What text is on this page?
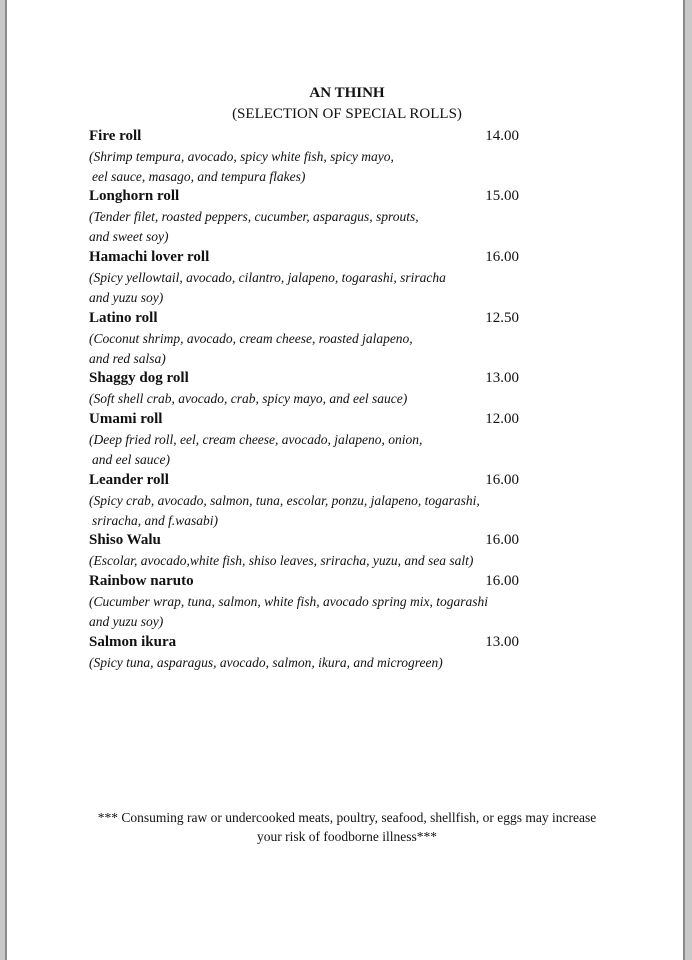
AN THINH
(SELECTION OF SPECIAL ROLLS)
Fire roll	14.00
(Shrimp tempura, avocado, spicy white fish, spicy mayo,
eel sauce, masago, and tempura flakes)
Longhorn roll	15.00
(Tender filet, roasted peppers, cucumber, asparagus, sprouts,
and sweet soy)
Hamachi lover roll	16.00
(Spicy yellowtail, avocado, cilantro, jalapeno, togarashi, sriracha
and yuzu soy)
Latino roll	12.50
(Coconut shrimp, avocado, cream cheese, roasted jalapeno,
and red salsa)
Shaggy dog roll	13.00
(Soft shell crab, avocado, crab, spicy mayo, and eel sauce)
Umami roll	12.00
(Deep fried roll, eel, cream cheese, avocado, jalapeno, onion,
and eel sauce)
Leander roll	16.00
(Spicy crab, avocado, salmon, tuna, escolar, ponzu, jalapeno, togarashi,
sriracha, and f.wasabi)
Shiso Walu	16.00
(Escolar, avocado,white fish, shiso leaves, sriracha, yuzu, and sea salt)
Rainbow naruto	16.00
(Cucumber wrap, tuna, salmon, white fish, avocado spring mix, togarashi
and yuzu soy)
Salmon ikura	13.00
(Spicy tuna, asparagus, avocado, salmon, ikura, and microgreen)
*** Consuming raw or undercooked meats, poultry, seafood, shellfish, or eggs may increase
your risk of foodborne illness***
